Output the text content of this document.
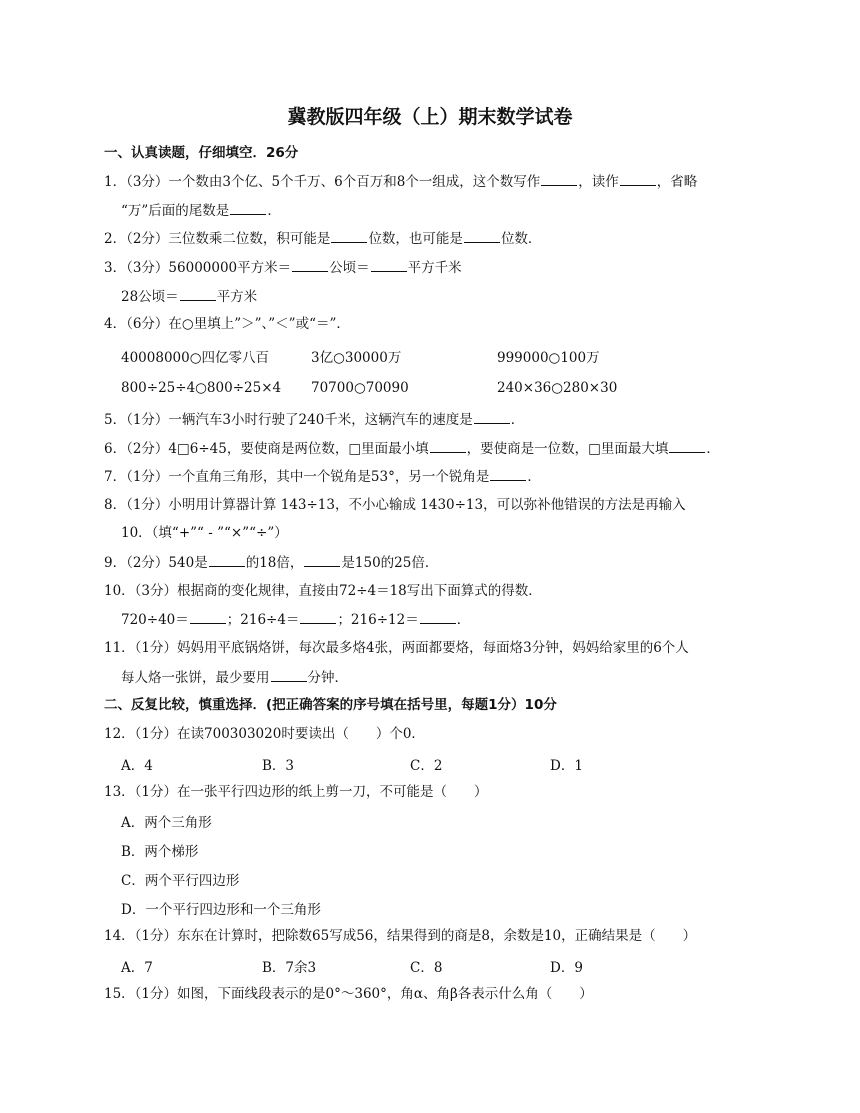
冀教版四年级（上）期末数学试卷
一、认真读题，仔细填空．26分
1．（3分）一个数由3个亿、5个千万、6个百万和8个一组成，这个数写作	，读作	，省略
“万”后面的尾数是	．
2．（2分）三位数乘二位数，积可能是	位数，也可能是	位数．
3．（3分）56000000平方米＝	公顷＝	平方千米
28公顷＝	平方米
4．（6分）在○里填上”＞”、”＜”或“＝”．
40008000○四亿零八百	3亿○30000万	999000○100万
800÷25÷4○800÷25×4 70700○70090	240×36○280×30
5．（1分）一辆汽车3小时行驶了240千米，这辆汽车的速度是	．
6．（2分）4□6÷45，要使商是两位数，□里面最小填	，要使商是一位数，□里面最大填	．
7．（1分）一个直角三角形，其中一个锐角是53°，另一个锐角是	．
8．（1分）小明用计算器计算 143÷13，不小心输成 1430÷13，可以弥补他错误的方法是再输入
10．（填“+”“ - ”“×”“÷”）
9．（2分）540是	的18倍，	是150的25倍．
10．（3分）根据商的变化规律，直接由72÷4＝18写出下面算式的得数．
720÷40＝	；216÷4＝	；216÷12＝	．
11．（1分）妈妈用平底锅烙饼，每次最多烙4张，两面都要烙，每面烙3分钟，妈妈给家里的6个人
每人烙一张饼，最少要用	分钟．
二、反复比较，慎重选择．(把正确答案的序号填在括号里，每题1分）10分
12．（1分）在读700303020时要读出（　　）个0．
A．4	B．3	C．2	D．1
13．（1分）在一张平行四边形的纸上剪一刀，不可能是（　　）
A．两个三角形
B．两个梯形
C．两个平行四边形
D．一个平行四边形和一个三角形
14．（1分）东东在计算时，把除数65写成56，结果得到的商是8，余数是10，正确结果是（　　）
A．7	B．7余3	C．8	D．9
15．（1分）如图，下面线段表示的是0°～360°，角α、角β各表示什么角（　　）
